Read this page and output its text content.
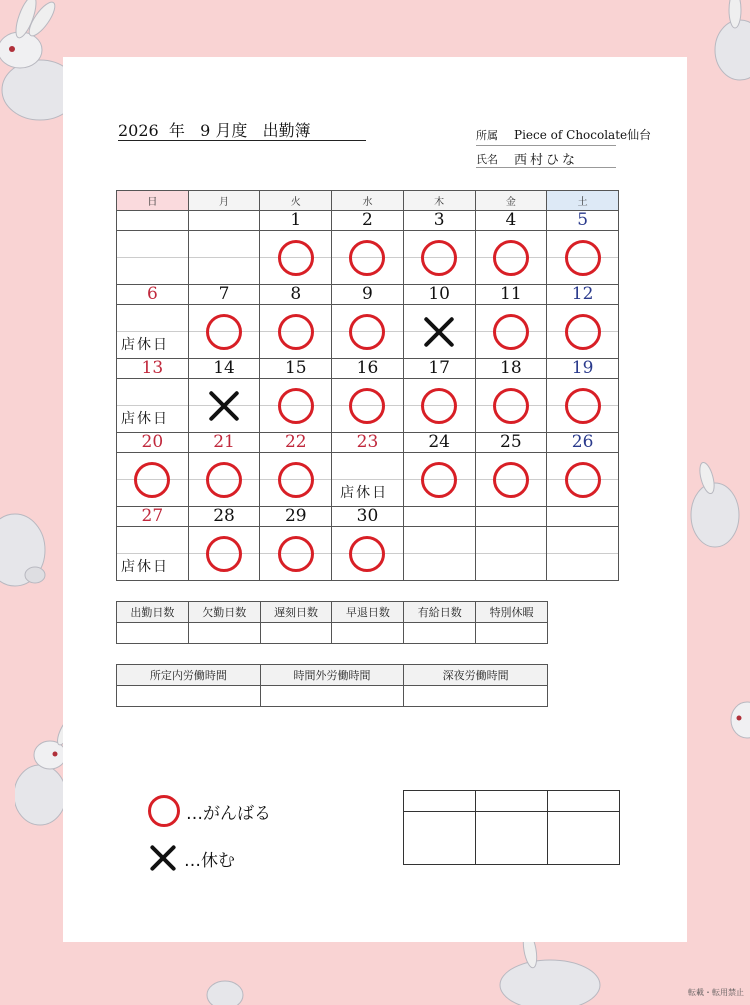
2026  年   9 月度   出勤簿	所属	Piece of Chocolate仙台
氏名	西村ひな
日	月	火	水	木	金	土
		1	2	3	4	5

6	7	8	9	10	11	12

店休日						

13	14	15	16	17	18	19

店休日						

20	21	22	23	24	25	26

			店休日			

27	28	29	30			

店休日						

出勤日数	欠勤日数	遅刻日数	早退日数	有給日数	特別休暇

所定内労働時間	時間外労働時間	深夜労働時間

…がんばる
…休む

転載・転用禁止
